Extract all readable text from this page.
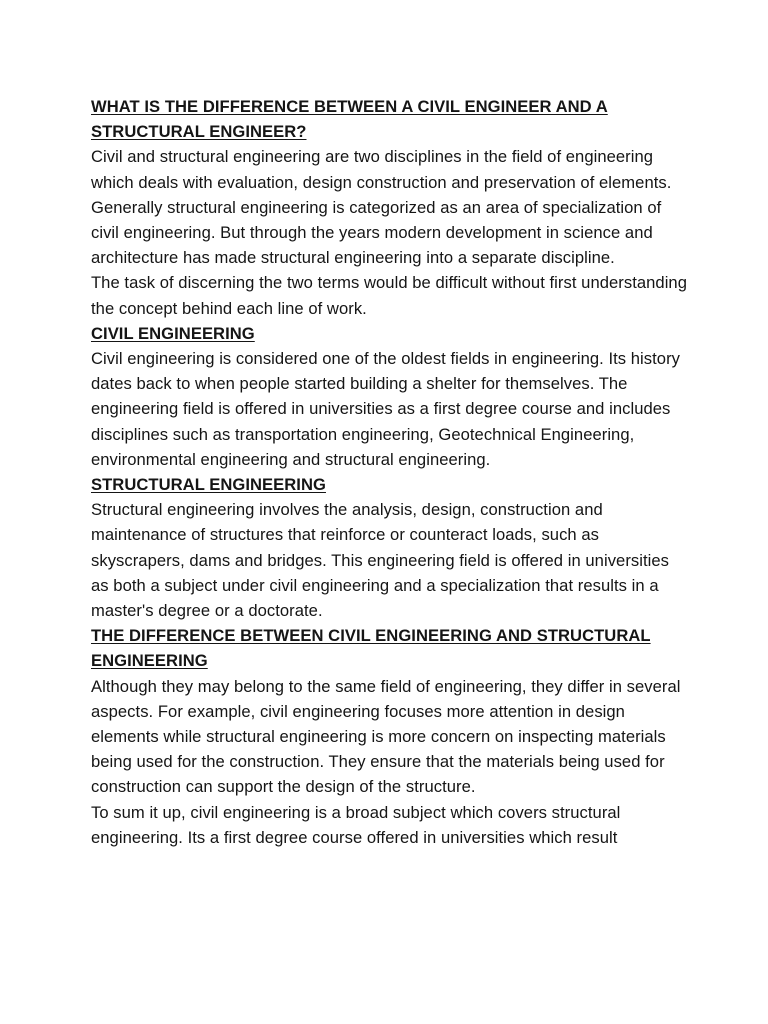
WHAT IS THE DIFFERENCE BETWEEN A CIVIL ENGINEER AND A STRUCTURAL ENGINEER?

Civil and structural engineering are two disciplines in the field of engineering which deals with evaluation, design construction and preservation of elements. Generally structural engineering is categorized as an area of specialization of civil engineering. But through the years modern development in science and architecture has made structural engineering into a separate discipline.

The task of discerning the two terms would be difficult without first understanding the concept behind each line of work.

CIVIL ENGINEERING

Civil engineering is considered one of the oldest fields in engineering. Its history dates back to when people started building a shelter for themselves. The engineering field is offered in universities as a first degree course and includes disciplines such as transportation engineering, Geotechnical Engineering, environmental engineering and structural engineering.

STRUCTURAL ENGINEERING

Structural engineering involves the analysis, design, construction and maintenance of structures that reinforce or counteract loads, such as skyscrapers, dams and bridges. This engineering field is offered in universities as both a subject under civil engineering and a specialization that results in a master's degree or a doctorate.

THE DIFFERENCE BETWEEN CIVIL ENGINEERING AND STRUCTURAL ENGINEERING

Although they may belong to the same field of engineering, they differ in several aspects. For example, civil engineering focuses more attention in design elements while structural engineering is more concern on inspecting materials being used for the construction. They ensure that the materials being used for construction can support the design of the structure.

To sum it up, civil engineering is a broad subject which covers structural engineering. Its a first degree course offered in universities which result
